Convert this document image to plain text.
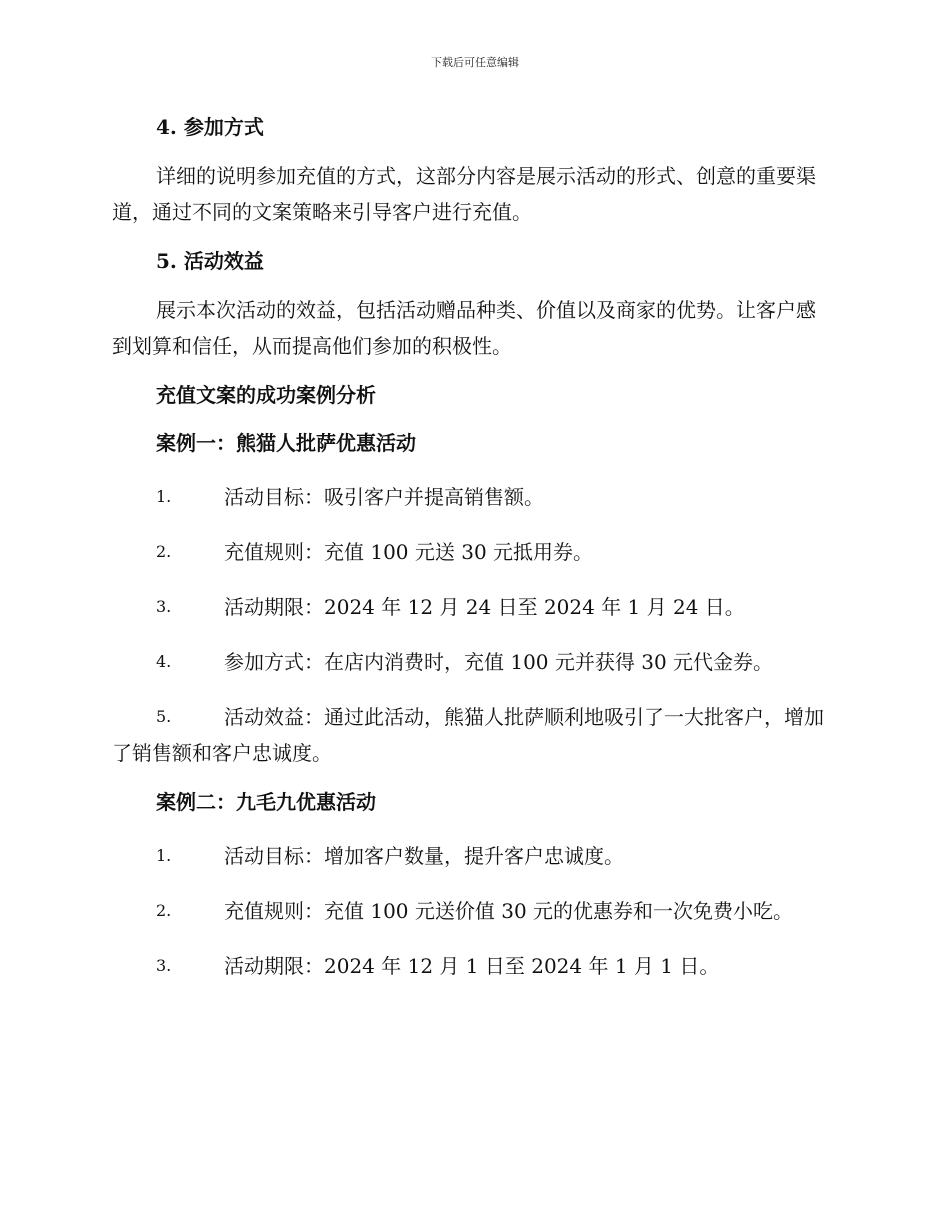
下载后可任意编辑

4. 参加方式

详细的说明参加充值的方式，这部分内容是展示活动的形式、创意的重要渠道，通过不同的文案策略来引导客户进行充值。

5. 活动效益

展示本次活动的效益，包括活动赠品种类、价值以及商家的优势。让客户感到划算和信任，从而提高他们参加的积极性。

充值文案的成功案例分析

案例一：熊猫人批萨优惠活动

1.	活动目标：吸引客户并提高销售额。
2.	充值规则：充值 100 元送 30 元抵用券。
3.	活动期限：2024 年 12 月 24 日至 2024 年 1 月 24 日。
4.	参加方式：在店内消费时，充值 100 元并获得 30 元代金券。
5.	活动效益：通过此活动，熊猫人批萨顺利地吸引了一大批客户，增加了销售额和客户忠诚度。

案例二：九毛九优惠活动

1.	活动目标：增加客户数量，提升客户忠诚度。
2.	充值规则：充值 100 元送价值 30 元的优惠券和一次免费小吃。
3.	活动期限：2024 年 12 月 1 日至 2024 年 1 月 1 日。
